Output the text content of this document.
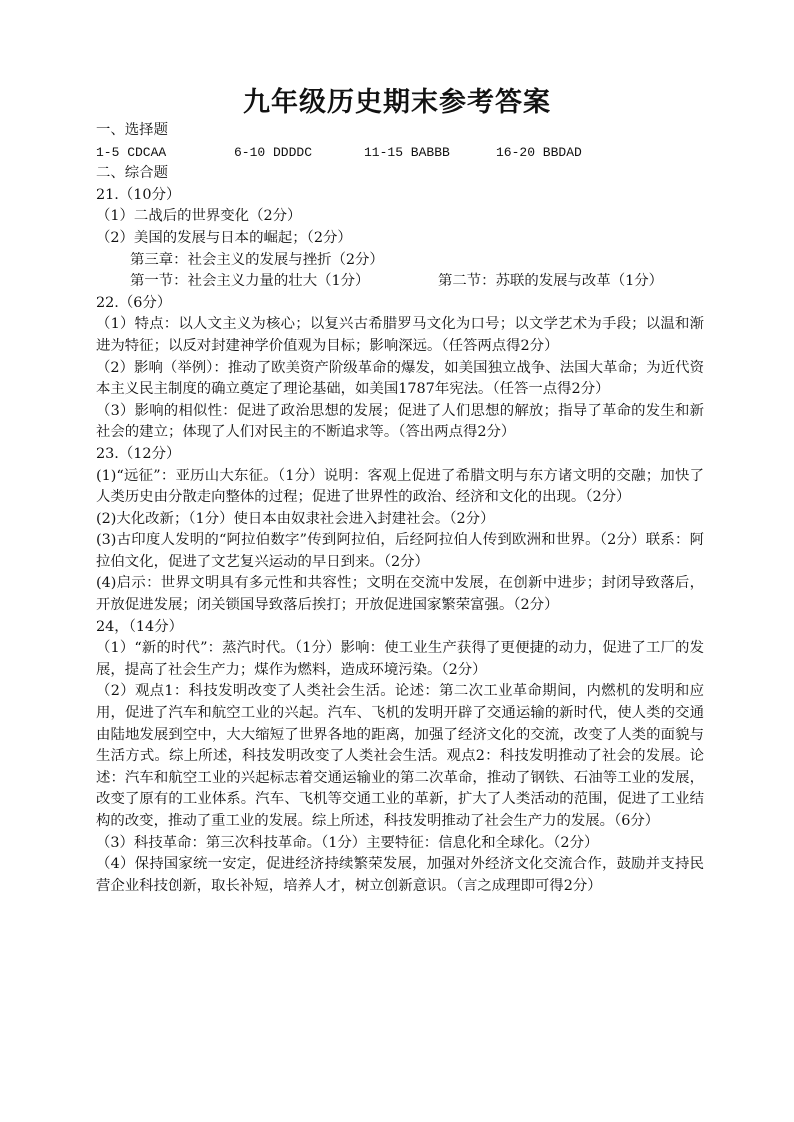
九年级历史期末参考答案
一、选择题
1-5 CDCAA	6-10 DDDDC	11-15 BABBB	16-20 BBDAD
二、综合题
21.（10分）
（1）二战后的世界变化（2分）
（2）美国的发展与日本的崛起；（2分）
第三章：社会主义的发展与挫折（2分）
第一节：社会主义力量的壮大（1分）	第二节：苏联的发展与改革（1分）
22.（6分）
（1）特点：以人文主义为核心；以复兴古希腊罗马文化为口号；以文学艺术为手段；以温和渐进为特征；以反对封建神学价值观为目标；影响深远。（任答两点得2分）
（2）影响（举例）：推动了欧美资产阶级革命的爆发，如美国独立战争、法国大革命；为近代资本主义民主制度的确立奠定了理论基础，如美国1787年宪法。（任答一点得2分）
（3）影响的相似性：促进了政治思想的发展；促进了人们思想的解放；指导了革命的发生和新社会的建立；体现了人们对民主的不断追求等。（答出两点得2分）
23.（12分）
(1)“远征”：亚历山大东征。（1分）说明：客观上促进了希腊文明与东方诸文明的交融；加快了人类历史由分散走向整体的过程；促进了世界性的政治、经济和文化的出现。（2分）
(2)大化改新；（1分）使日本由奴隶社会进入封建社会。（2分）
(3)古印度人发明的“阿拉伯数字”传到阿拉伯，后经阿拉伯人传到欧洲和世界。（2分）联系：阿拉伯文化，促进了文艺复兴运动的早日到来。（2分）
(4)启示：世界文明具有多元性和共容性；文明在交流中发展，在创新中进步；封闭导致落后，开放促进发展；闭关锁国导致落后挨打；开放促进国家繁荣富强。（2分）
24，（14分）
（1）“新的时代”：蒸汽时代。（1分）影响：使工业生产获得了更便捷的动力，促进了工厂的发展，提高了社会生产力；煤作为燃料，造成环境污染。（2分）
（2）观点1：科技发明改变了人类社会生活。论述：第二次工业革命期间，内燃机的发明和应用，促进了汽车和航空工业的兴起。汽车、飞机的发明开辟了交通运输的新时代，使人类的交通由陆地发展到空中，大大缩短了世界各地的距离，加强了经济文化的交流，改变了人类的面貌与生活方式。综上所述，科技发明改变了人类社会生活。观点2：科技发明推动了社会的发展。论述：汽车和航空工业的兴起标志着交通运输业的第二次革命，推动了钢铁、石油等工业的发展，改变了原有的工业体系。汽车、飞机等交通工业的革新，扩大了人类活动的范围，促进了工业结构的改变，推动了重工业的发展。综上所述，科技发明推动了社会生产力的发展。（6分）
（3）科技革命：第三次科技革命。（1分）主要特征：信息化和全球化。（2分）
（4）保持国家统一安定，促进经济持续繁荣发展，加强对外经济文化交流合作，鼓励并支持民营企业科技创新，取长补短，培养人才，树立创新意识。（言之成理即可得2分）
